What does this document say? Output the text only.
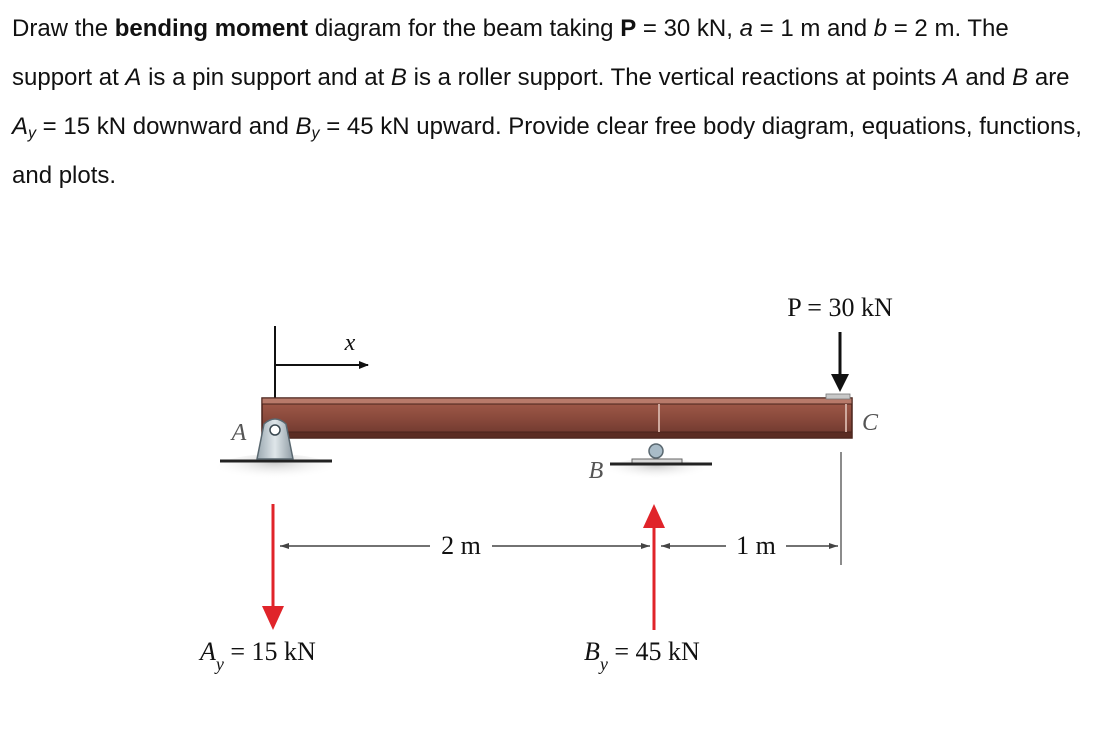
Draw the bending moment diagram for the beam taking P = 30 kN, a = 1 m and b = 2 m. The support at A is a pin support and at B is a roller support. The vertical reactions at points A and B are $A_y = 15$ kN downward and $B_y = 45$ kN upward. Provide clear free body diagram, equations, functions, and plots.
x
A
B
C
P = 30 kN
2 m	1 m
$A_y = 15$ kN	$B_y = 45$ kN
